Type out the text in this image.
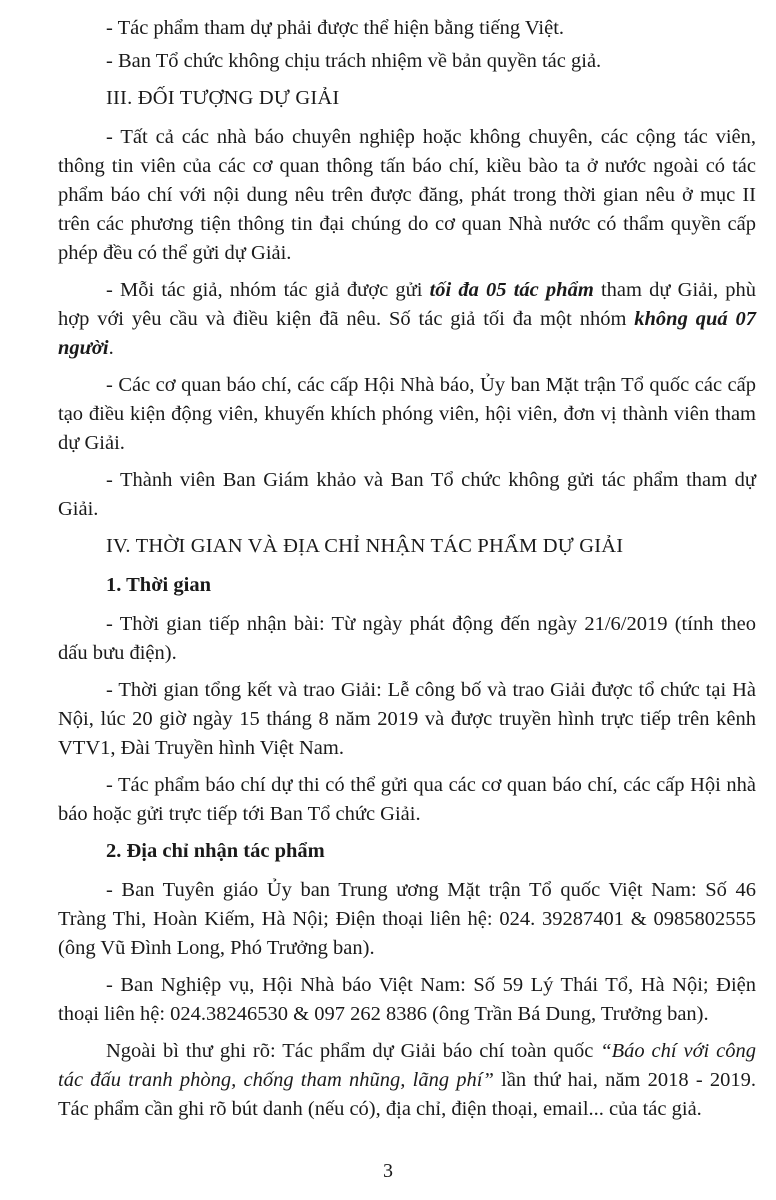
- Tác phẩm tham dự phải được thể hiện bằng tiếng Việt.

- Ban Tổ chức không chịu trách nhiệm về bản quyền tác giả.

III. ĐỐI TƯỢNG DỰ GIẢI

- Tất cả các nhà báo chuyên nghiệp hoặc không chuyên, các cộng tác viên, thông tin viên của các cơ quan thông tấn báo chí, kiều bào ta ở nước ngoài có tác phẩm báo chí với nội dung nêu trên được đăng, phát trong thời gian nêu ở mục II trên các phương tiện thông tin đại chúng do cơ quan Nhà nước có thẩm quyền cấp phép đều có thể gửi dự Giải.

- Mỗi tác giả, nhóm tác giả được gửi tối đa 05 tác phẩm tham dự Giải, phù hợp với yêu cầu và điều kiện đã nêu. Số tác giả tối đa một nhóm không quá 07 người.

- Các cơ quan báo chí, các cấp Hội Nhà báo, Ủy ban Mặt trận Tổ quốc các cấp tạo điều kiện động viên, khuyến khích phóng viên, hội viên, đơn vị thành viên tham dự Giải.

- Thành viên Ban Giám khảo và Ban Tổ chức không gửi tác phẩm tham dự Giải.

IV. THỜI GIAN VÀ ĐỊA CHỈ NHẬN TÁC PHẨM DỰ GIẢI

1. Thời gian

- Thời gian tiếp nhận bài: Từ ngày phát động đến ngày 21/6/2019 (tính theo dấu bưu điện).

- Thời gian tổng kết và trao Giải: Lễ công bố và trao Giải được tổ chức tại Hà Nội, lúc 20 giờ ngày 15 tháng 8 năm 2019 và được truyền hình trực tiếp trên kênh VTV1, Đài Truyền hình Việt Nam.

- Tác phẩm báo chí dự thi có thể gửi qua các cơ quan báo chí, các cấp Hội nhà báo hoặc gửi trực tiếp tới Ban Tổ chức Giải.

2. Địa chỉ nhận tác phẩm

- Ban Tuyên giáo Ủy ban Trung ương Mặt trận Tổ quốc Việt Nam: Số 46 Tràng Thi, Hoàn Kiếm, Hà Nội; Điện thoại liên hệ: 024. 39287401 & 0985802555 (ông Vũ Đình Long, Phó Trưởng ban).

- Ban Nghiệp vụ, Hội Nhà báo Việt Nam: Số 59 Lý Thái Tổ, Hà Nội; Điện thoại liên hệ: 024.38246530 & 097 262 8386 (ông Trần Bá Dung, Trưởng ban).

Ngoài bì thư ghi rõ: Tác phẩm dự Giải báo chí toàn quốc “Báo chí với công tác đấu tranh phòng, chống tham nhũng, lãng phí” lần thứ hai, năm 2018 - 2019. Tác phẩm cần ghi rõ bút danh (nếu có), địa chỉ, điện thoại, email... của tác giả.

3
